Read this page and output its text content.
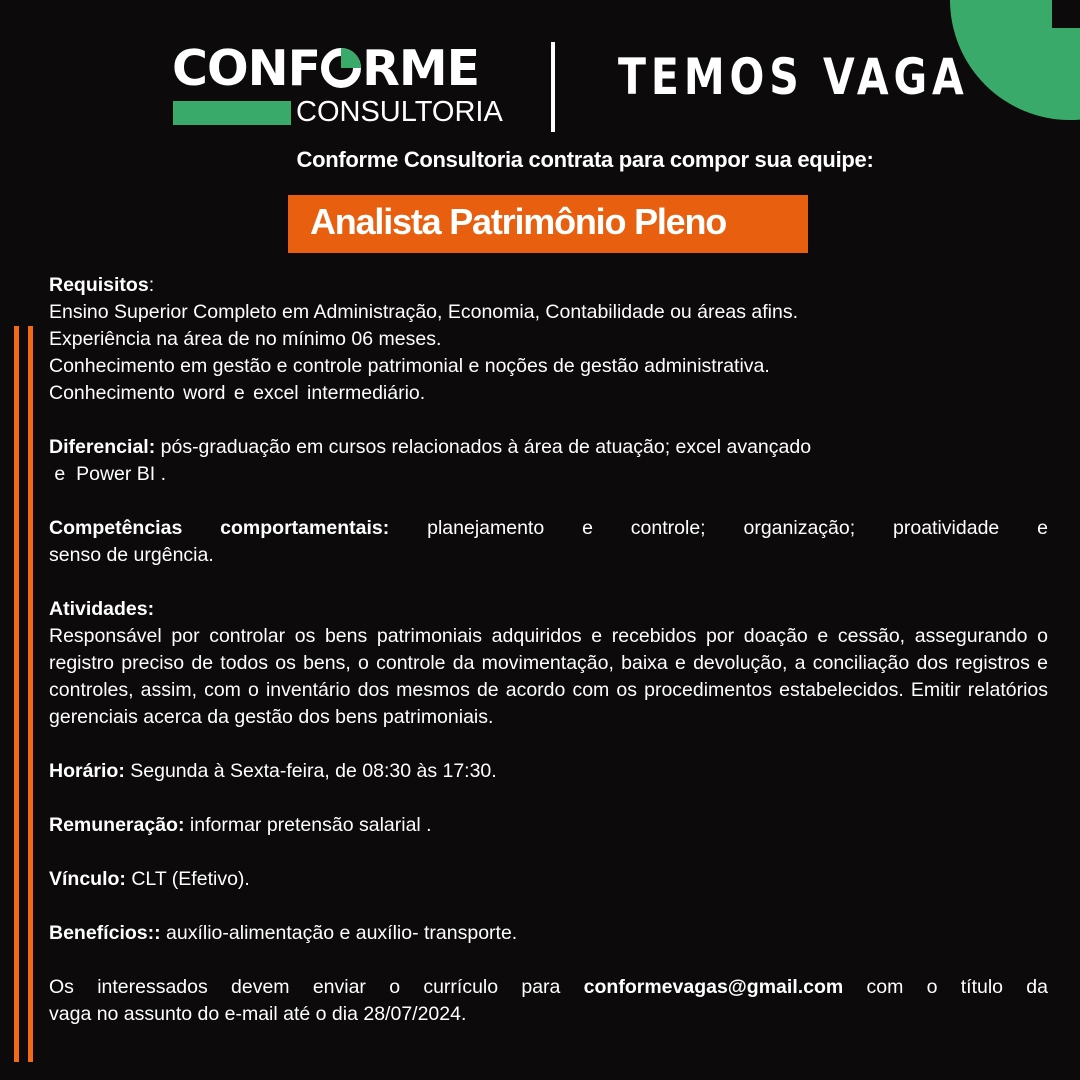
CONF RME
CONSULTORIA
TEMOS VAGA
Conforme Consultoria contrata para compor sua equipe:
Analista Patrimônio Pleno

Requisitos:

Ensino Superior Completo em Administração, Economia, Contabilidade ou áreas afins.

Experiência na área de no mínimo 06 meses.

Conhecimento em gestão e controle patrimonial e noções de gestão administrativa.

Conhecimento word e excel intermediário.

Diferencial: pós-graduação em cursos relacionados à área de atuação; excel avançado

e  Power BI .

Competências comportamentais: planejamento e controle; organização; proatividade e

senso de urgência.

Atividades:

Responsável por controlar os bens patrimoniais adquiridos e recebidos por doação e cessão, assegurando o registro preciso de todos os bens, o controle da movimentação, baixa e devolução, a conciliação dos registros e controles, assim, com o inventário dos mesmos de acordo com os procedimentos estabelecidos. Emitir relatórios gerenciais acerca da gestão dos bens patrimoniais.

Horário: Segunda à Sexta-feira, de 08:30 às 17:30.

Remuneração: informar pretensão salarial .

Vínculo: CLT (Efetivo).

Benefícios:: auxílio-alimentação e auxílio- transporte.

Os interessados devem enviar o currículo para conformevagas@gmail.com com o título da

vaga no assunto do e-mail até o dia 28/07/2024.
